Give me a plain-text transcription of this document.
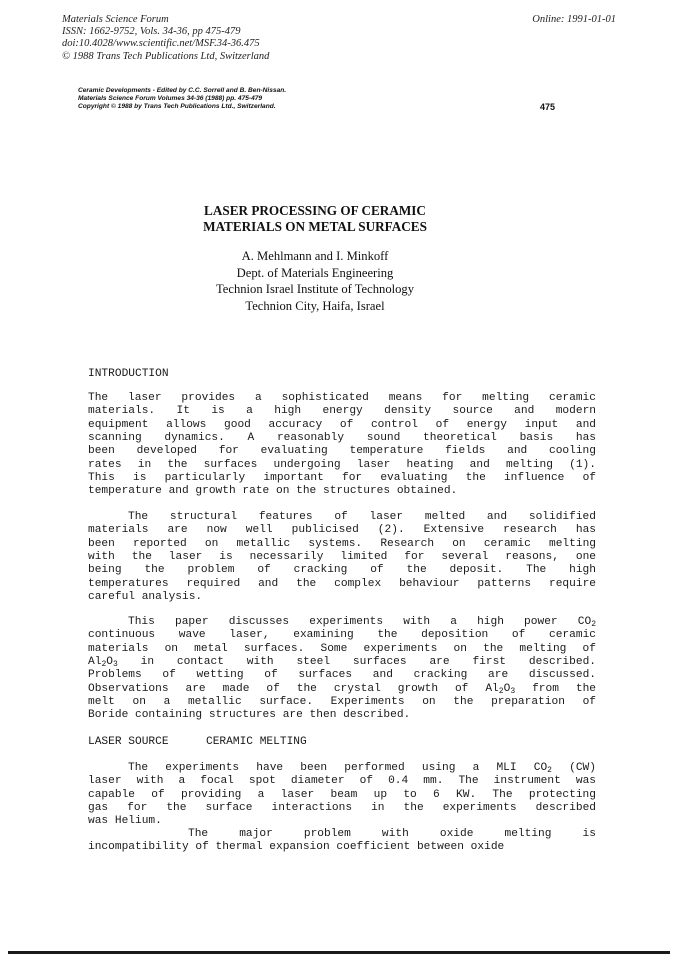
Materials Science Forum
ISSN: 1662-9752, Vols. 34-36, pp 475-479
doi:10.4028/www.scientific.net/MSF.34-36.475
© 1988 Trans Tech Publications Ltd, Switzerland
Online: 1991-01-01
Ceramic Developments - Edited by C.C. Sorrell and B. Ben-Nissan.
Materials Science Forum Volumes 34-36 (1988) pp. 475-479
Copyright © 1988 by Trans Tech Publications Ltd., Switzerland.	475
LASER PROCESSING OF CERAMIC
MATERIALS ON METAL SURFACES
A. Mehlmann and I. Minkoff
Dept. of Materials Engineering
Technion Israel Institute of Technology
Technion City, Haifa, Israel
INTRODUCTION
The laser provides a sophisticated means for melting ceramic
materials. It is a high energy density source and modern
equipment allows good accuracy of control of energy input and
scanning dynamics. A reasonably sound theoretical basis has
been developed for evaluating temperature fields and cooling
rates in the surfaces undergoing laser heating and melting (1).
This is particularly important for evaluating the influence of
temperature and growth rate on the structures obtained.
The structural features of laser melted and solidified
materials are now well publicised (2). Extensive research has
been reported on metallic systems. Research on ceramic melting
with the laser is necessarily limited for several reasons, one
being the problem of cracking of the deposit. The high
temperatures required and the complex behaviour patterns require
careful analysis.
This paper discusses experiments with a high power $CO_2$
continuous wave laser, examining the deposition of ceramic
materials on metal surfaces. Some experiments on the melting of
$Al_2O_3$ in contact with steel surfaces are first described.
Problems of wetting of surfaces and cracking are discussed.
Observations are made of the crystal growth of $Al_2O_3$ from the
melt on a metallic surface. Experiments on the preparation of
Boride containing structures are then described.
LASER SOURCE	CERAMIC MELTING
The experiments have been performed using a MLI $CO_2$ (CW)
laser with a focal spot diameter of 0.4 mm. The instrument was
capable of providing a laser beam up to 6 KW. The protecting
gas for the surface interactions in the experiments described
was Helium.
The major problem with oxide melting is
incompatibility of thermal expansion coefficient between oxide
